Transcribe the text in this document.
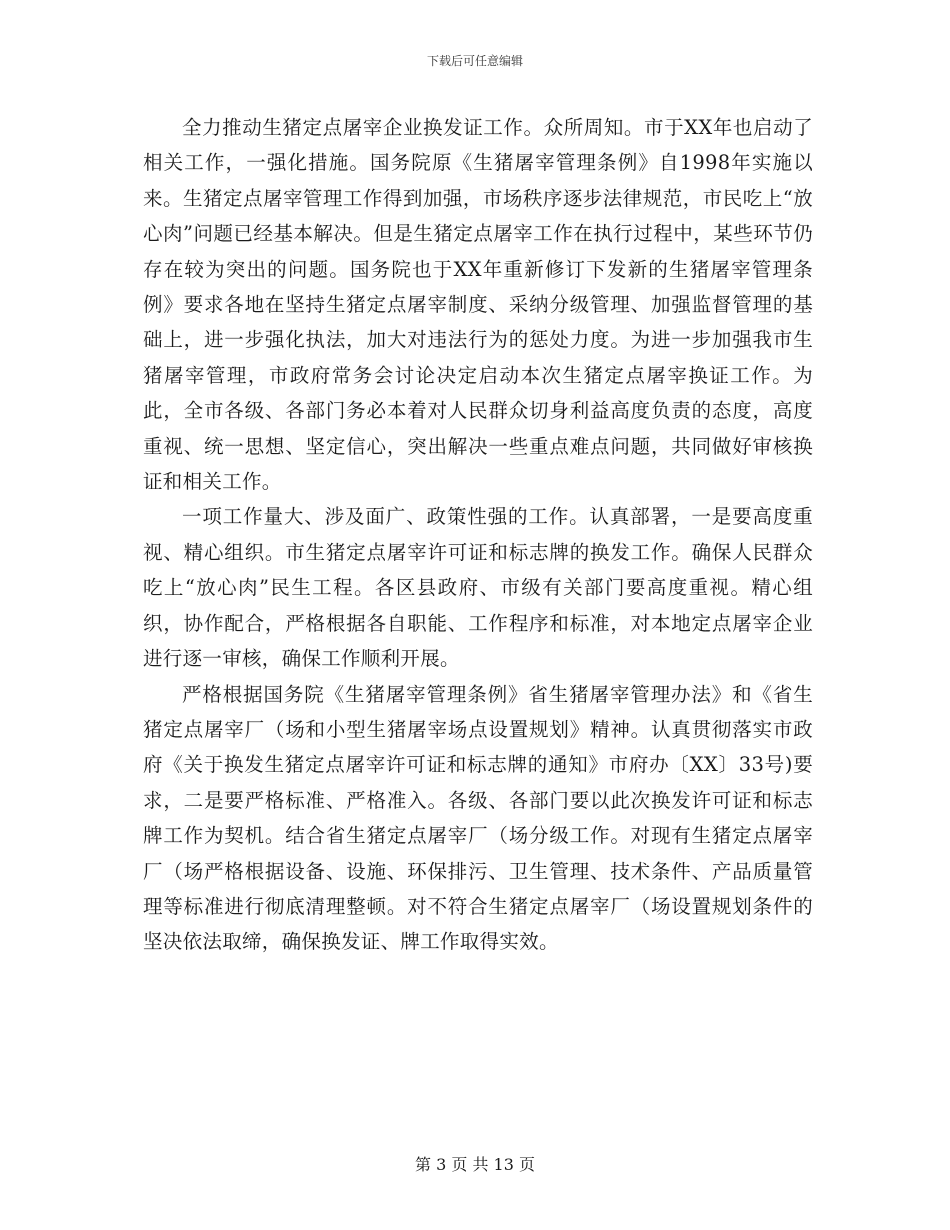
下载后可任意编辑

全力推动生猪定点屠宰企业换发证工作。众所周知。市于XX年也启动了相关工作，一强化措施。国务院原《生猪屠宰管理条例》自1998年实施以来。生猪定点屠宰管理工作得到加强，市场秩序逐步法律规范，市民吃上“放心肉”问题已经基本解决。但是生猪定点屠宰工作在执行过程中，某些环节仍存在较为突出的问题。国务院也于XX年重新修订下发新的生猪屠宰管理条例》要求各地在坚持生猪定点屠宰制度、采纳分级管理、加强监督管理的基础上，进一步强化执法，加大对违法行为的惩处力度。为进一步加强我市生猪屠宰管理，市政府常务会讨论决定启动本次生猪定点屠宰换证工作。为此，全市各级、各部门务必本着对人民群众切身利益高度负责的态度，高度重视、统一思想、坚定信心，突出解决一些重点难点问题，共同做好审核换证和相关工作。

一项工作量大、涉及面广、政策性强的工作。认真部署，一是要高度重视、精心组织。市生猪定点屠宰许可证和标志牌的换发工作。确保人民群众吃上“放心肉”民生工程。各区县政府、市级有关部门要高度重视。精心组织，协作配合，严格根据各自职能、工作程序和标准，对本地定点屠宰企业进行逐一审核，确保工作顺利开展。

严格根据国务院《生猪屠宰管理条例》省生猪屠宰管理办法》和《省生猪定点屠宰厂（场和小型生猪屠宰场点设置规划》精神。认真贯彻落实市政府《关于换发生猪定点屠宰许可证和标志牌的通知》市府办〔XX〕33号)要求，二是要严格标准、严格准入。各级、各部门要以此次换发许可证和标志牌工作为契机。结合省生猪定点屠宰厂（场分级工作。对现有生猪定点屠宰厂（场严格根据设备、设施、环保排污、卫生管理、技术条件、产品质量管理等标准进行彻底清理整顿。对不符合生猪定点屠宰厂（场设置规划条件的坚决依法取缔，确保换发证、牌工作取得实效。

第 3 页 共 13 页
